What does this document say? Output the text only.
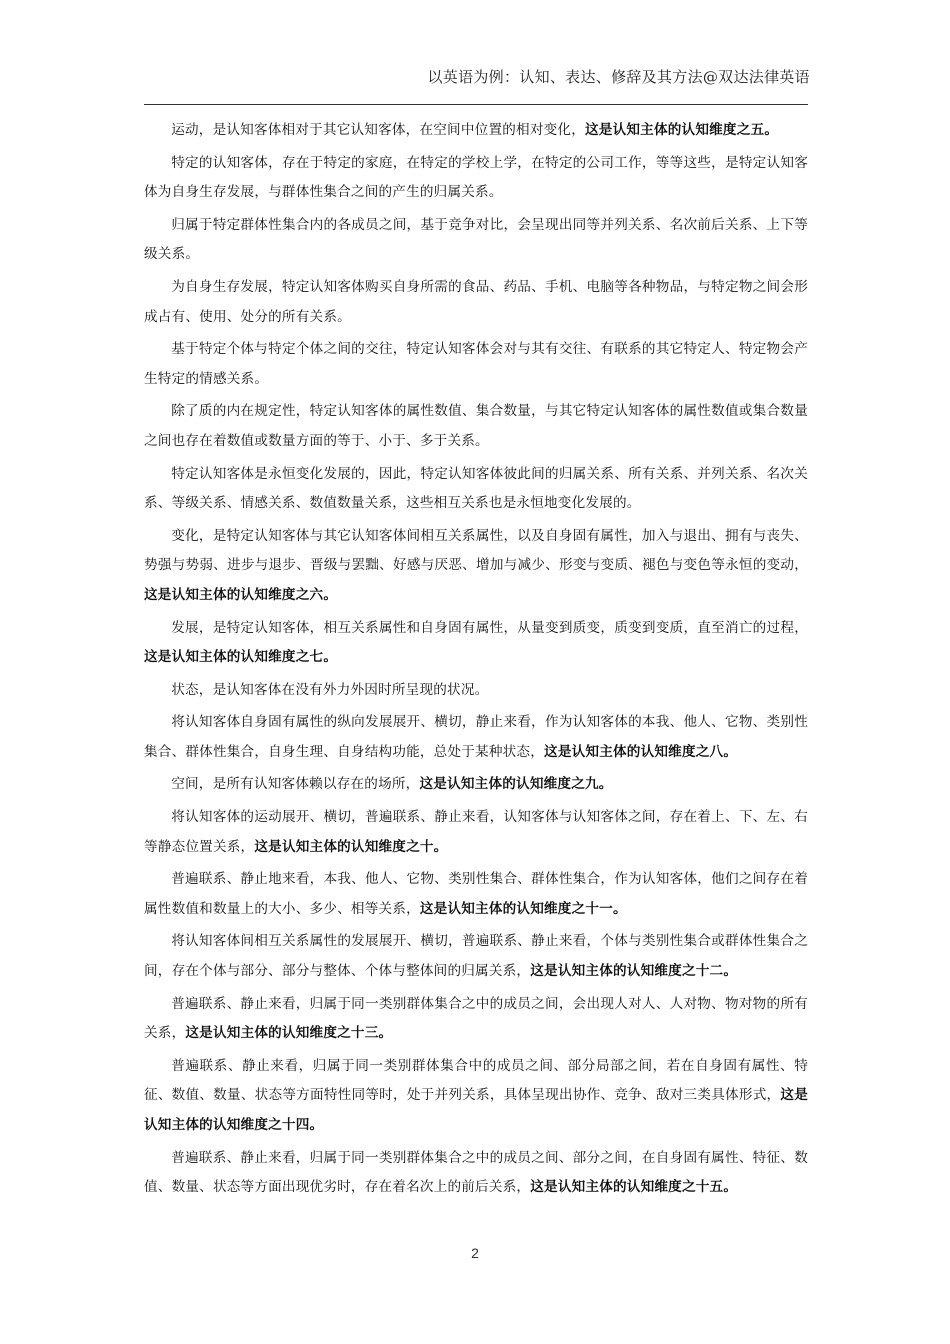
以英语为例：认知、表达、修辞及其方法@双达法律英语

运动，是认知客体相对于其它认知客体，在空间中位置的相对变化，这是认知主体的认知维度之五。

特定的认知客体，存在于特定的家庭，在特定的学校上学，在特定的公司工作，等等这些，是特定认知客体为自身生存发展，与群体性集合之间的产生的归属关系。

归属于特定群体性集合内的各成员之间，基于竞争对比，会呈现出同等并列关系、名次前后关系、上下等级关系。

为自身生存发展，特定认知客体购买自身所需的食品、药品、手机、电脑等各种物品，与特定物之间会形成占有、使用、处分的所有关系。

基于特定个体与特定个体之间的交往，特定认知客体会对与其有交往、有联系的其它特定人、特定物会产生特定的情感关系。

除了质的内在规定性，特定认知客体的属性数值、集合数量，与其它特定认知客体的属性数值或集合数量之间也存在着数值或数量方面的等于、小于、多于关系。

特定认知客体是永恒变化发展的，因此，特定认知客体彼此间的归属关系、所有关系、并列关系、名次关系、等级关系、情感关系、数值数量关系，这些相互关系也是永恒地变化发展的。

变化，是特定认知客体与其它认知客体间相互关系属性，以及自身固有属性，加入与退出、拥有与丧失、势强与势弱、进步与退步、晋级与罢黜、好感与厌恶、增加与减少、形变与变质、褪色与变色等永恒的变动，这是认知主体的认知维度之六。

发展，是特定认知客体，相互关系属性和自身固有属性，从量变到质变，质变到变质，直至消亡的过程，这是认知主体的认知维度之七。

状态，是认知客体在没有外力外因时所呈现的状况。

将认知客体自身固有属性的纵向发展展开、横切，静止来看，作为认知客体的本我、他人、它物、类别性集合、群体性集合，自身生理、自身结构功能，总处于某种状态，这是认知主体的认知维度之八。

空间，是所有认知客体赖以存在的场所，这是认知主体的认知维度之九。

将认知客体的运动展开、横切，普遍联系、静止来看，认知客体与认知客体之间，存在着上、下、左、右等静态位置关系，这是认知主体的认知维度之十。

普遍联系、静止地来看，本我、他人、它物、类别性集合、群体性集合，作为认知客体，他们之间存在着属性数值和数量上的大小、多少、相等关系，这是认知主体的认知维度之十一。

将认知客体间相互关系属性的发展展开、横切，普遍联系、静止来看，个体与类别性集合或群体性集合之间，存在个体与部分、部分与整体、个体与整体间的归属关系，这是认知主体的认知维度之十二。

普遍联系、静止来看，归属于同一类别群体集合之中的成员之间，会出现人对人、人对物、物对物的所有关系，这是认知主体的认知维度之十三。

普遍联系、静止来看，归属于同一类别群体集合中的成员之间、部分局部之间，若在自身固有属性、特征、数值、数量、状态等方面特性同等时，处于并列关系，具体呈现出协作、竞争、敌对三类具体形式，这是认知主体的认知维度之十四。

普遍联系、静止来看，归属于同一类别群体集合之中的成员之间、部分之间，在自身固有属性、特征、数值、数量、状态等方面出现优劣时，存在着名次上的前后关系，这是认知主体的认知维度之十五。

2
